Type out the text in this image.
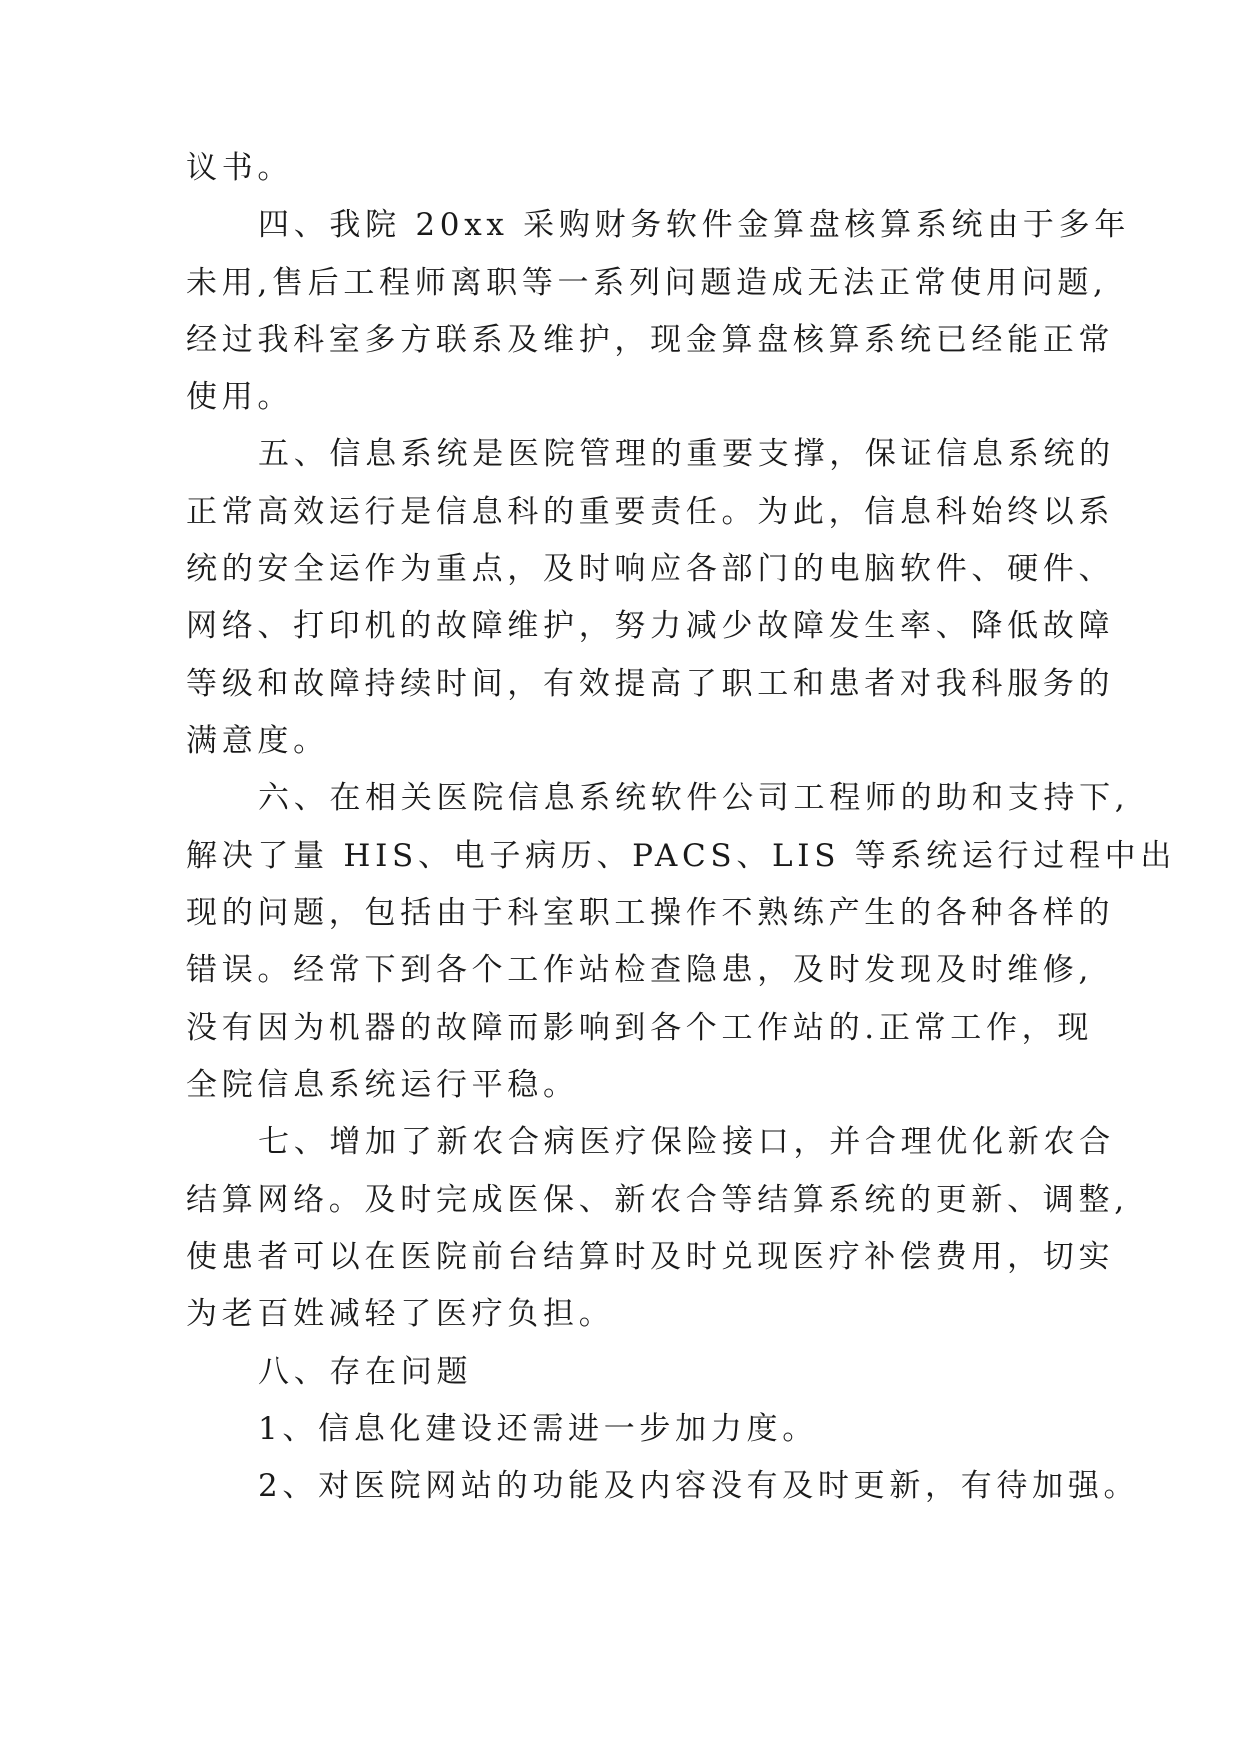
议书。

四、我院 20xx 采购财务软件金算盘核算系统由于多年

未用,售后工程师离职等一系列问题造成无法正常使用问题,

经过我科室多方联系及维护，现金算盘核算系统已经能正常

使用。

五、信息系统是医院管理的重要支撑，保证信息系统的

正常高效运行是信息科的重要责任。为此，信息科始终以系

统的安全运作为重点，及时响应各部门的电脑软件、硬件、

网络、打印机的故障维护，努力减少故障发生率、降低故障

等级和故障持续时间，有效提高了职工和患者对我科服务的

满意度。

六、在相关医院信息系统软件公司工程师的助和支持下,

解决了量 HIS、电子病历、PACS、LIS 等系统运行过程中出

现的问题，包括由于科室职工操作不熟练产生的各种各样的

错误。经常下到各个工作站检查隐患，及时发现及时维修,

没有因为机器的故障而影响到各个工作站的.正常工作，现

全院信息系统运行平稳。

七、增加了新农合病医疗保险接口，并合理优化新农合

结算网络。及时完成医保、新农合等结算系统的更新、调整,

使患者可以在医院前台结算时及时兑现医疗补偿费用，切实

为老百姓减轻了医疗负担。

八、存在问题

1、信息化建设还需进一步加力度。

2、对医院网站的功能及内容没有及时更新，有待加强。
